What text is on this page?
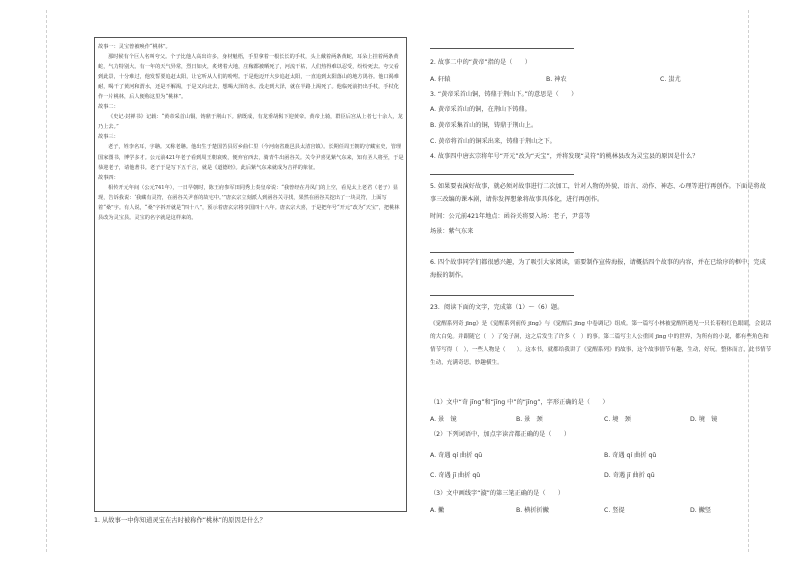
故事一：灵宝曾被唤作“桃林”。

那时候有个巨人名叫夸父。个子比他人高出许多，身材魁梧，手里拿着一根长长的手杖，头上戴着两条黄蛇，耳朵上挂着两条黄蛇，气力特别大。有一年的天气异常，烈日如火，炙烤着大地，庄稼都被晒死了，河流干枯，人们热得难以忍受，纷纷死去。夸父看到此景，十分难过，他发誓要追赶太阳，让它听从人们的吩咐。于是他迈开大步追赶太阳，一直追到太阳落山的地方禺谷。他口渴难耐，喝干了黄河和渭水，还是不解渴，于是又向北去，想喝大泽的水。没走到大泽，就在半路上渴死了。他临死前扔出手杖，手杖化作一片桃林，后人便称这里为“桃林”。

故事二：

《史记·封禅书》记载：“黄帝采首山铜，铸鼎于荆山下。鼎既成，有龙垂胡髯下迎黄帝。黄帝上骑，群臣后宫从上者七十余人，龙乃上去。”

故事三：

老子，姓李名耳，字聃。又称老聃。他出生于楚国苦县厉乡曲仁里（今河南省鹿邑县太清宫镇）。长期任周王朝的守藏室史，管理国家图书，博学多才。公元前421年老子看到周王朝衰败，便弃官西去，骑青牛出函谷关。关令尹喜见紫气东来，知有圣人将至，于是恭迎老子，请他著书。老子于是写下五千言，就是《道德经》。此后紫气东来就成为吉祥的象征。

故事四：

相传开元年间（公元741年），一日早朝时，陈王府参军田同秀上奏皇帝说：“我曾经在丹凤门的上空，看见太上老君（老子）显现，告诉我说：‘我藏有灵符，在函谷关尹喜的故宅中。’”唐玄宗立刻派人到函谷关寻找，果然在函谷关挖出了一块灵符，上面写着“桑”字。有人说，“桑”字拆开就是“四十八”，预示着唐玄宗将享国四十八年。唐玄宗大喜，于是把年号“开元”改为“天宝”，把桃林县改为灵宝县。灵宝的名字就是这样来的。

1. 从故事一中你知道灵宝在古时被称作“桃林”的原因是什么？
2. 故事二中的“黄帝”指的是（　　）
A. 轩辕	B. 神农	C. 蚩尤
3. “黄帝采首山铜，铸鼎于荆山下。”的意思是（　　）
A. 黄帝采首山的铜，在荆山下铸鼎。
B. 黄帝采集首山的铜，铸鼎于荆山上。
C. 黄帝将首山的铜采出来，铸鼎于荆山之下。
4. 故事四中唐玄宗将年号“开元”改为“天宝”，并将发现“灵符”的桃林县改为灵宝县的原因是什么？
5. 如果要表演好故事，就必须对故事进行二次加工，针对人物的外貌、语言、动作、神态、心理等进行再创作。下面是将故事三改编的课本剧，请你发挥想象将故事具体化，进行再创作。
时间：公元前421年地点：函谷关将要入场：老子，尹喜等
场景：紫气东来
6. 四个故事同学们都很感兴趣，为了吸引大家阅读，需要制作宣传海报，请概括四个故事的内容，并在已给序的框中，完成海报的制作。
23．阅读下面的文字，完成第（1）～（6）题。
《觉醒系列奇 jīng》是《觉醒系列前传 jīng》与《觉醒后 jīng 中卷调记》组成。第一篇写小林被觉醒所遇见一只长着粉红色眼睛，会说话的大白兔。并跟随它（　）了兔子洞，这之后发生了许多（　）的事。第二篇写主人公重回 jīng 中的世界，为所有的小说，都有些角色和情节写得（　），一些人物是（　　）。这本书，就都给我讲了《觉醒系列》的故事，这个故事情节有趣，生动，好玩。整体而言，此书情节生动，充满奇思，妙趣横生。
（1）文中“奇 jīng”和“jīng 中”的“jīng”，字形正确的是（　　）
A. 景　镜	B. 景　颈	C. 境　颈	D. 境　镜
（2）下列词语中，加点字读音都正确的是（　　）
A. 奇遇 qí 曲折 qū	B. 奇遇 qí 曲折 qǔ
C. 奇遇 jī 曲折 qǔ	D. 奇遇 jī 曲折 qū
（3）文中画线字“漩”的第三笔正确的是（　　）
A. 撇	B. 横折折撇	C. 竖提	D. 撇竖
